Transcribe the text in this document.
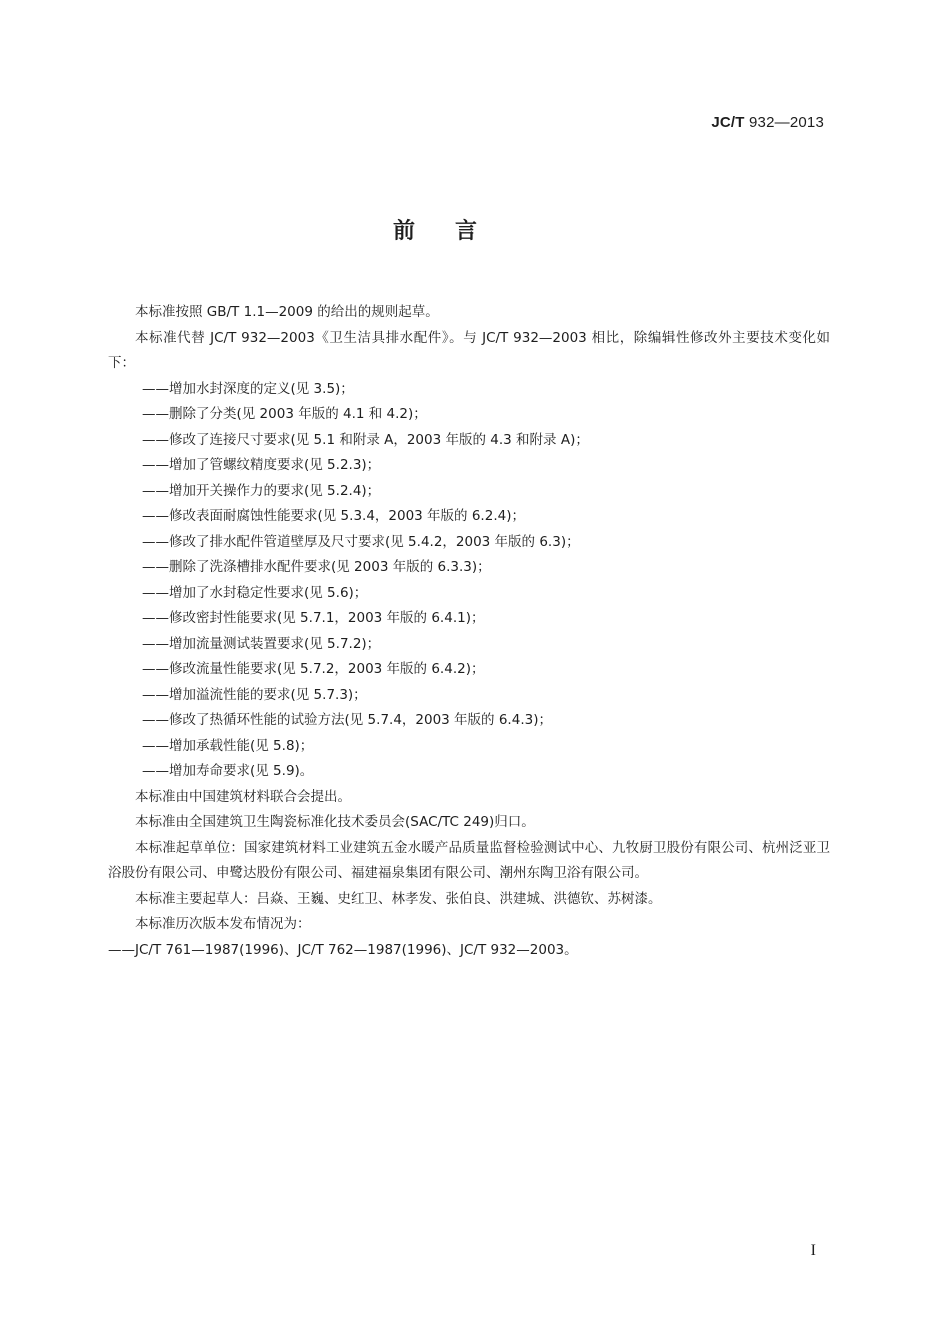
JC/T 932—2013
前言

本标准按照 GB/T 1.1—2009 的给出的规则起草。

本标准代替 JC/T 932—2003《卫生洁具排水配件》。与 JC/T 932—2003 相比，除编辑性修改外主要技术变化如下：

——增加水封深度的定义(见 3.5)；

——删除了分类(见 2003 年版的 4.1 和 4.2)；

——修改了连接尺寸要求(见 5.1 和附录 A，2003 年版的 4.3 和附录 A)；

——增加了管螺纹精度要求(见 5.2.3)；

——增加开关操作力的要求(见 5.2.4)；

——修改表面耐腐蚀性能要求(见 5.3.4，2003 年版的 6.2.4)；

——修改了排水配件管道壁厚及尺寸要求(见 5.4.2，2003 年版的 6.3)；

——删除了洗涤槽排水配件要求(见 2003 年版的 6.3.3)；

——增加了水封稳定性要求(见 5.6)；

——修改密封性能要求(见 5.7.1，2003 年版的 6.4.1)；

——增加流量测试装置要求(见 5.7.2)；

——修改流量性能要求(见 5.7.2，2003 年版的 6.4.2)；

——增加溢流性能的要求(见 5.7.3)；

——修改了热循环性能的试验方法(见 5.7.4，2003 年版的 6.4.3)；

——增加承载性能(见 5.8)；

——增加寿命要求(见 5.9)。

本标准由中国建筑材料联合会提出。

本标准由全国建筑卫生陶瓷标准化技术委员会(SAC/TC 249)归口。

本标准起草单位：国家建筑材料工业建筑五金水暖产品质量监督检验测试中心、九牧厨卫股份有限公司、杭州泛亚卫浴股份有限公司、申鹭达股份有限公司、福建福泉集团有限公司、潮州东陶卫浴有限公司。

本标准主要起草人：吕焱、王巍、史红卫、林孝发、张伯良、洪建城、洪德钦、苏树漆。

本标准历次版本发布情况为：

——JC/T 761—1987(1996)、JC/T 762—1987(1996)、JC/T 932—2003。

I
